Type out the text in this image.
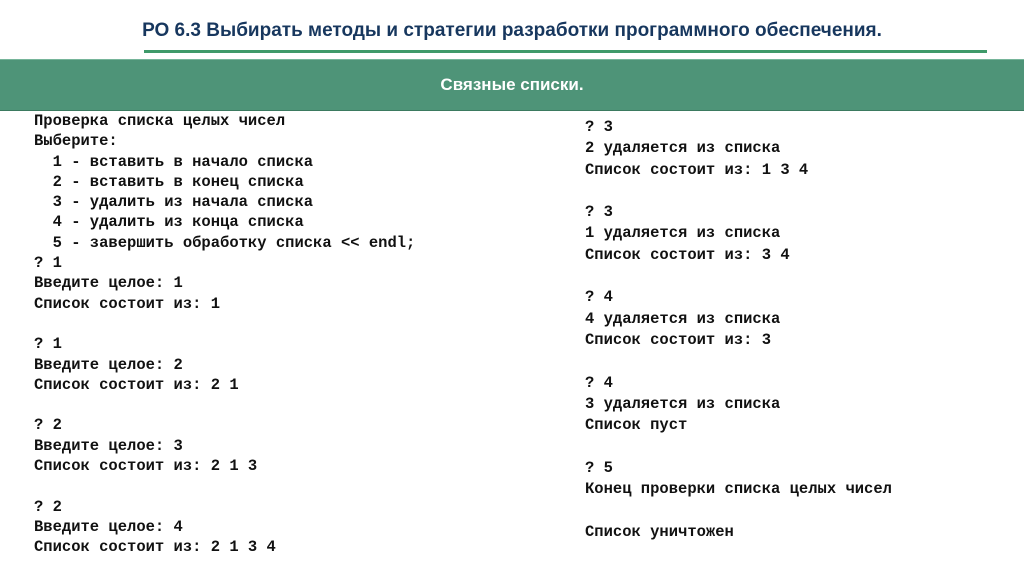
РО 6.3 Выбирать методы и стратегии разработки программного обеспечения.
Связные списки.
Проверка списка целых чисел
Выберите:
1 - вставить в начало списка
2 - вставить в конец списка
3 - удалить из начала списка
4 - удалить из конца списка
5 - завершить обработку списка << endl;
? 1
Введите целое: 1
Список состоит из: 1
? 1
Введите целое: 2
Список состоит из: 2 1
? 2
Введите целое: 3
Список состоит из: 2 1 3
? 2
Введите целое: 4
Список состоит из: 2 1 3 4
? 3
2 удаляется из списка
Список состоит из: 1 3 4
? 3
1 удаляется из списка
Список состоит из: 3 4
? 4
4 удаляется из списка
Список состоит из: 3
? 4
3 удаляется из списка
Список пуст
? 5
Конец проверки списка целых чисел
Список уничтожен
